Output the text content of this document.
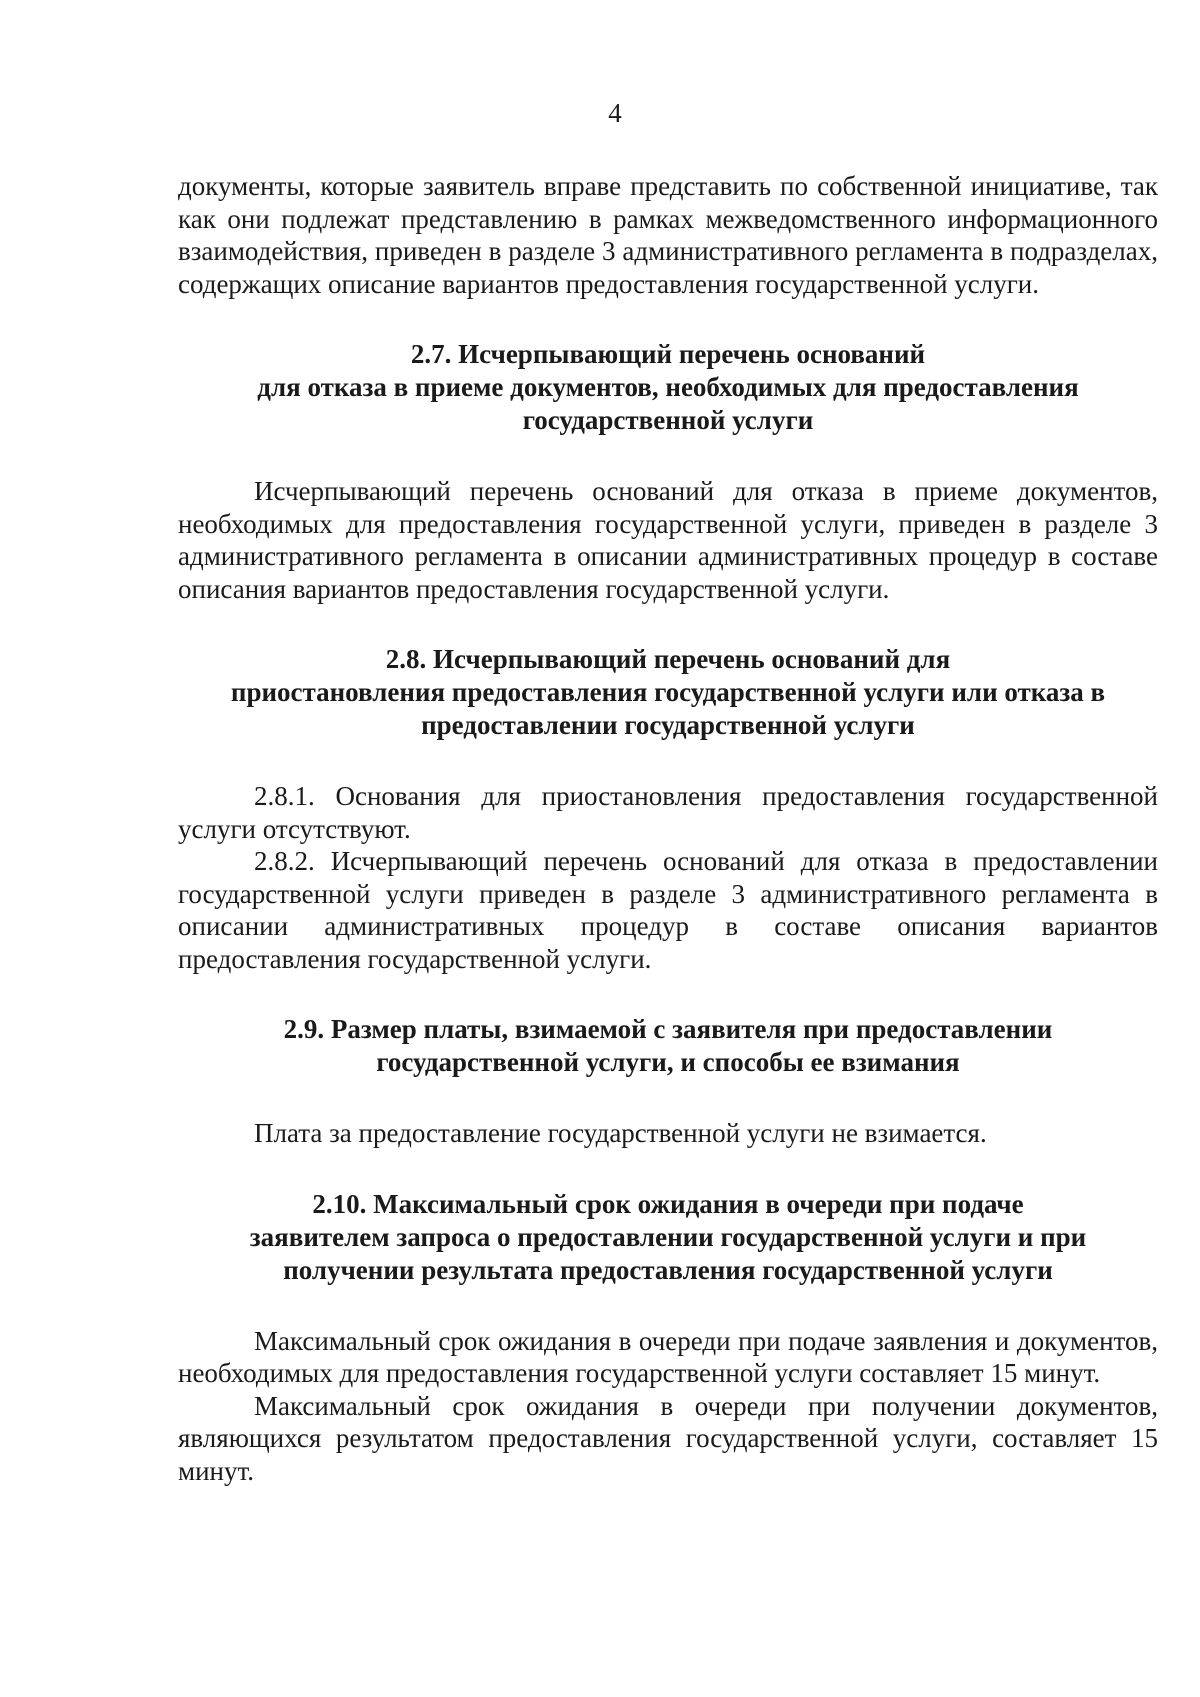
4

документы, которые заявитель вправе представить по собственной инициативе, так как они подлежат представлению в рамках межведомственного информационного взаимодействия, приведен в разделе 3 административного регламента в подразделах, содержащих описание вариантов предоставления государственной услуги.

2.7. Исчерпывающий перечень оснований
для отказа в приеме документов, необходимых для предоставления
государственной услуги

Исчерпывающий перечень оснований для отказа в приеме документов, необходимых для предоставления государственной услуги, приведен в разделе 3 административного регламента в описании административных процедур в составе описания вариантов предоставления государственной услуги.

2.8. Исчерпывающий перечень оснований для
приостановления предоставления государственной услуги или отказа в
предоставлении государственной услуги

2.8.1. Основания для приостановления предоставления государственной услуги отсутствуют.

2.8.2. Исчерпывающий перечень оснований для отказа в предоставлении государственной услуги приведен в разделе 3 административного регламента в описании административных процедур в составе описания вариантов предоставления государственной услуги.

2.9. Размер платы, взимаемой с заявителя при предоставлении
государственной услуги, и способы ее взимания

Плата за предоставление государственной услуги не взимается.

2.10. Максимальный срок ожидания в очереди при подаче
заявителем запроса о предоставлении государственной услуги и при
получении результата предоставления государственной услуги

Максимальный срок ожидания в очереди при подаче заявления и документов, необходимых для предоставления государственной услуги составляет 15 минут.

Максимальный срок ожидания в очереди при получении документов, являющихся результатом предоставления государственной услуги, составляет 15 минут.
